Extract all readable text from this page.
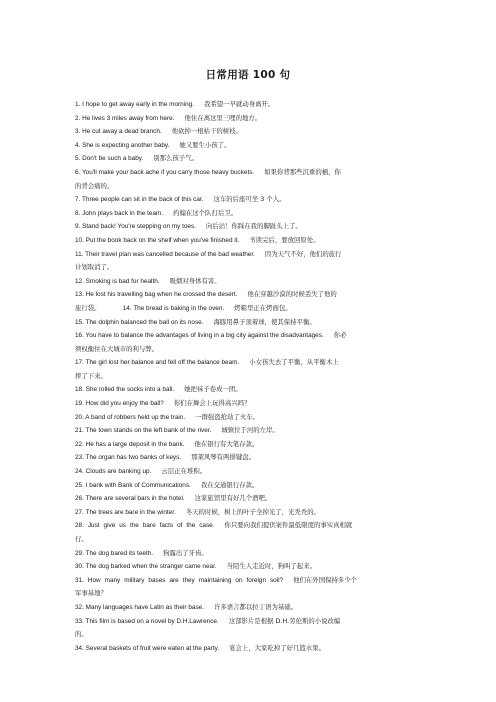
日常用语 100 句
1. I hope to get away early in the morning. 我希望一早就动身离开。
2. He lives 3 miles away from here. 他住在离这里三哩的地方。
3. He cut away a dead branch. 他砍掉一根枯干的树枝。
4. She is expecting another baby. 她又要生小孩了。
5. Don't be such a baby. 别那么孩子气。
6. You'll make your back ache if you carry those heavy buckets. 如果你背那些沉重的桶，你
的背会痛的。
7. Three people can sit in the back of this car. 这车的后座可坐 3 个人。
8. John plays back in the team. 约翰在这个队打后卫。
9. Stand back! You're stepping on my toes. 向后站！你踩在我的脚趾头上了。
10. Put the book back on the shelf when you've finished it. 书读完后，要放回原处。
11. Their travel plan was cancelled because of the bad weather. 因为天气不好，他们的旅行
计划取消了。
12. Smoking is bad for health. 吸烟对身体有害。
13. He lost his travelling bag when he crossed the desert. 他在穿越沙漠的时候丢失了他的
旅行袋。	14. The bread is baking in the oven. 烤箱里正在烤面包。
15. The dolphin balanced the ball on its nose. 海豚用鼻子顶着球，使其保持平衡。
16. You have to balance the advantages of living in a big city against the disadvantages. 你必
须权衡住在大城市的利与弊。
17. The girl lost her balance and fell off the balance beam. 小女孩失去了平衡，从平衡木上
摔了下来。
18. She rolled the socks into a ball. 她把袜子卷成一团。
19. How did you enjoy the ball? 你们在舞会上玩得高兴吗？
20. A band of robbers held up the train. 一群强盗抢劫了火车。
21. The town stands on the left bank of the river. 城镇位于河的左岸。
22. He has a large deposit in the bank. 他在银行有大笔存款。
23. The organ has two banks of keys. 那架风琴有两排键盘。
24. Clouds are banking up. 云层正在堆积。
25. I bank with Bank of Communications. 我在交通银行存款。
26. There are several bars in the hotel. 这家旅馆里有好几个酒吧。
27. The trees are bare in the winter. 冬天的时候，树上的叶子全掉光了，光秃秃的。
28. Just give us the bare facts of the case. 你只要向我们提供案件最低限度的事实真相就
行。
29. The dog bared its teeth. 狗露出了牙齿。
30. The dog barked when the stranger came near. 当陌生人走近时，狗叫了起来。
31. How many military bases are they maintaining on foreign soil? 他们在外国保持多少个
军事基地？
32. Many languages have Latin as their base. 许多语言都以拉丁语为基础。
33. This film is based on a novel by D.H.Lawrence. 这部影片是根据 D.H.劳伦斯的小说改编
的。
34. Several baskets of fruit were eaten at the party. 宴会上，大家吃掉了好几篮水果。
